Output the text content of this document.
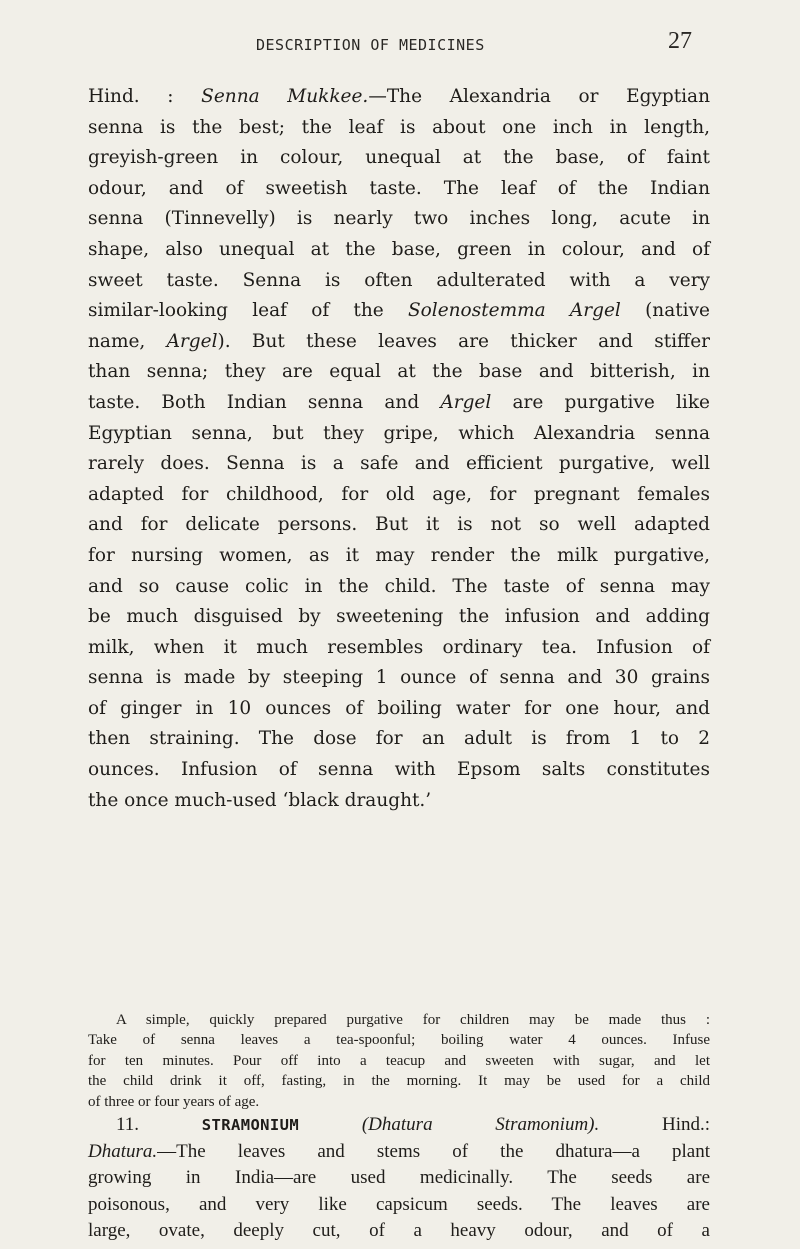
DESCRIPTION OF MEDICINES	27
Hind. : Senna Mukkee.—The Alexandria or Egyptian
senna is the best; the leaf is about one inch in length,
greyish-green in colour, unequal at the base, of faint
odour, and of sweetish taste. The leaf of the Indian
senna (Tinnevelly) is nearly two inches long, acute in
shape, also unequal at the base, green in colour, and of
sweet taste. Senna is often adulterated with a very
similar-looking leaf of the Solenostemma Argel (native
name, Argel). But these leaves are thicker and stiffer
than senna; they are equal at the base and bitterish, in
taste. Both Indian senna and Argel are purgative like
Egyptian senna, but they gripe, which Alexandria senna
rarely does. Senna is a safe and efficient purgative, well
adapted for childhood, for old age, for pregnant females
and for delicate persons. But it is not so well adapted
for nursing women, as it may render the milk purgative,
and so cause colic in the child. The taste of senna may
be much disguised by sweetening the infusion and adding
milk, when it much resembles ordinary tea. Infusion of
senna is made by steeping 1 ounce of senna and 30 grains
of ginger in 10 ounces of boiling water for one hour, and
then straining. The dose for an adult is from 1 to 2
ounces. Infusion of senna with Epsom salts constitutes
the once much-used ‘black draught.’
A simple, quickly prepared purgative for children may be made thus :
Take of senna leaves a tea-spoonful; boiling water 4 ounces. Infuse
for ten minutes. Pour off into a teacup and sweeten with sugar, and let
the child drink it off, fasting, in the morning. It may be used for a child
of three or four years of age.
11. STRAMONIUM	(Dhatura Stramonium). Hind.:
Dhatura.—The leaves and stems of the dhatura—a plant
growing in India—are used medicinally. The seeds are
poisonous, and very like capsicum seeds. The leaves are
large, ovate, deeply cut, of a heavy odour, and of a
